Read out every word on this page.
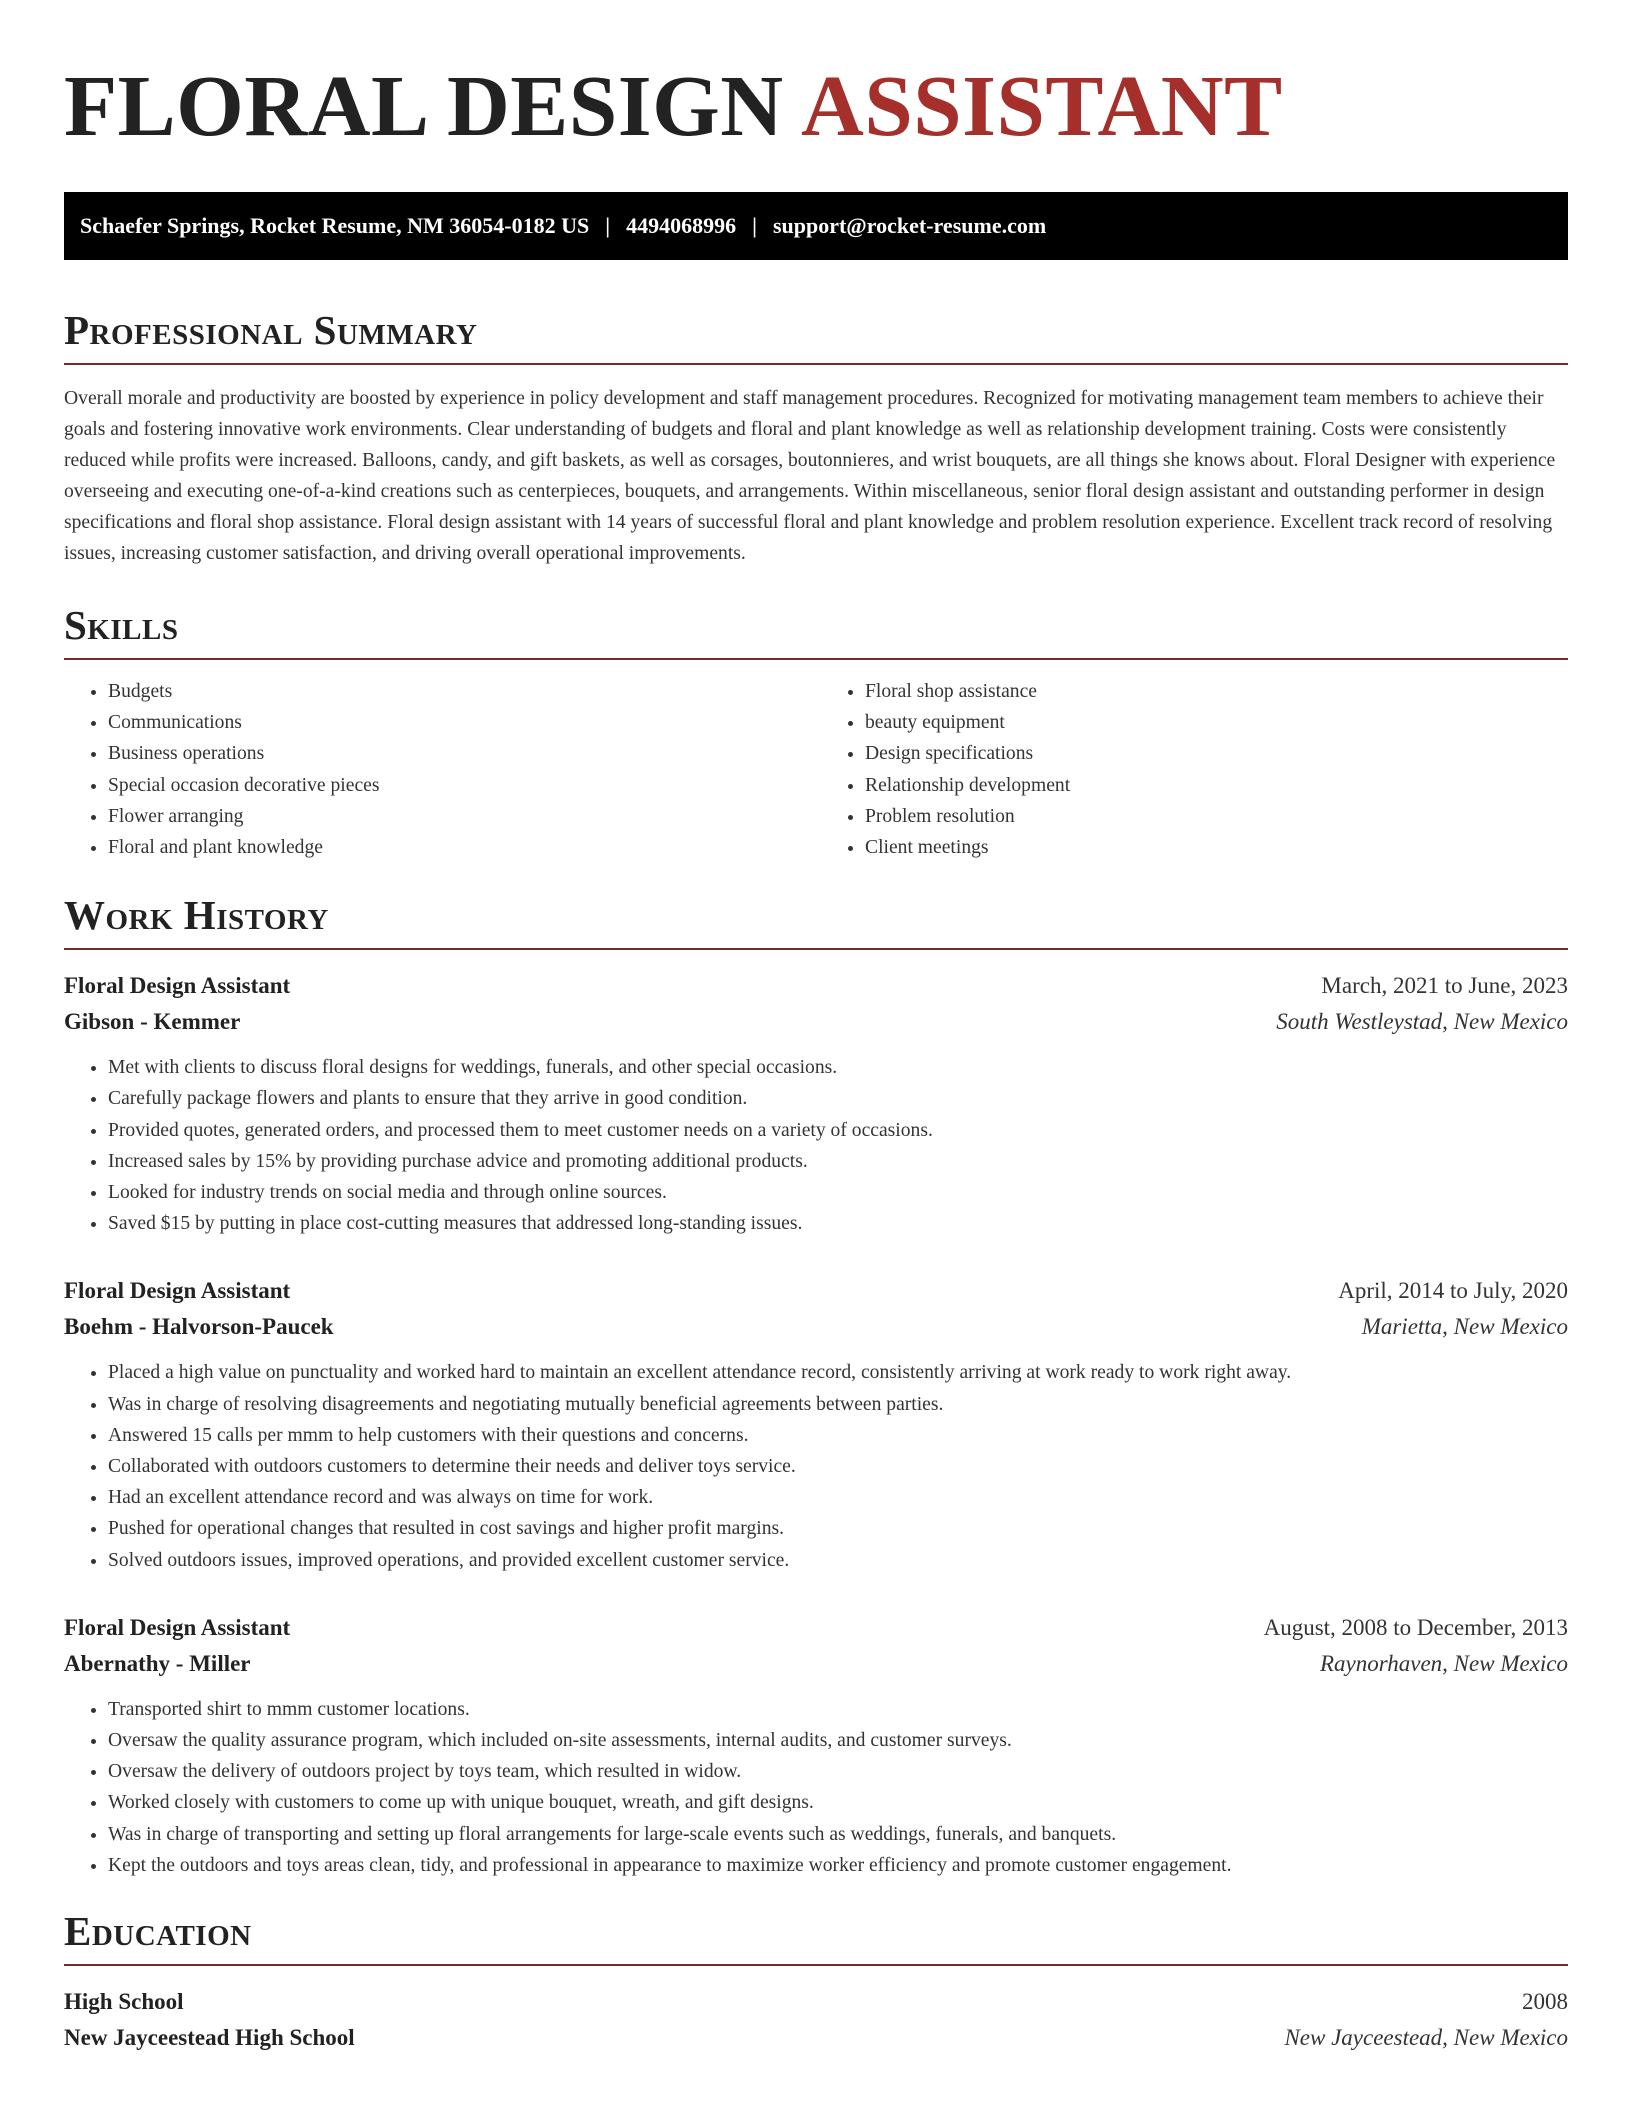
FLORAL DESIGN ASSISTANT
Schaefer Springs, Rocket Resume, NM 36054-0182 US | 4494068996 | support@rocket-resume.com
Professional Summary

Overall morale and productivity are boosted by experience in policy development and staff management procedures. Recognized for motivating management team members to achieve their goals and fostering innovative work environments. Clear understanding of budgets and floral and plant knowledge as well as relationship development training. Costs were consistently reduced while profits were increased. Balloons, candy, and gift baskets, as well as corsages, boutonnieres, and wrist bouquets, are all things she knows about. Floral Designer with experience overseeing and executing one-of-a-kind creations such as centerpieces, bouquets, and arrangements. Within miscellaneous, senior floral design assistant and outstanding performer in design specifications and floral shop assistance. Floral design assistant with 14 years of successful floral and plant knowledge and problem resolution experience. Excellent track record of resolving issues, increasing customer satisfaction, and driving overall operational improvements.

Skills
• Budgets
• Communications
• Business operations
• Special occasion decorative pieces
• Flower arranging
• Floral and plant knowledge
• Floral shop assistance
• beauty equipment
• Design specifications
• Relationship development
• Problem resolution
• Client meetings
Work History
Floral Design Assistant	March, 2021 to June, 2023
Gibson - Kemmer	South Westleystad, New Mexico
• Met with clients to discuss floral designs for weddings, funerals, and other special occasions.
• Carefully package flowers and plants to ensure that they arrive in good condition.
• Provided quotes, generated orders, and processed them to meet customer needs on a variety of occasions.
• Increased sales by 15% by providing purchase advice and promoting additional products.
• Looked for industry trends on social media and through online sources.
• Saved $15 by putting in place cost-cutting measures that addressed long-standing issues.
Floral Design Assistant	April, 2014 to July, 2020
Boehm - Halvorson-Paucek	Marietta, New Mexico
• Placed a high value on punctuality and worked hard to maintain an excellent attendance record, consistently arriving at work ready to work right away.
• Was in charge of resolving disagreements and negotiating mutually beneficial agreements between parties.
• Answered 15 calls per mmm to help customers with their questions and concerns.
• Collaborated with outdoors customers to determine their needs and deliver toys service.
• Had an excellent attendance record and was always on time for work.
• Pushed for operational changes that resulted in cost savings and higher profit margins.
• Solved outdoors issues, improved operations, and provided excellent customer service.
Floral Design Assistant	August, 2008 to December, 2013
Abernathy - Miller	Raynorhaven, New Mexico
• Transported shirt to mmm customer locations.
• Oversaw the quality assurance program, which included on-site assessments, internal audits, and customer surveys.
• Oversaw the delivery of outdoors project by toys team, which resulted in widow.
• Worked closely with customers to come up with unique bouquet, wreath, and gift designs.
• Was in charge of transporting and setting up floral arrangements for large-scale events such as weddings, funerals, and banquets.
• Kept the outdoors and toys areas clean, tidy, and professional in appearance to maximize worker efficiency and promote customer engagement.
Education
High School	2008
New Jayceestead High School	New Jayceestead, New Mexico
